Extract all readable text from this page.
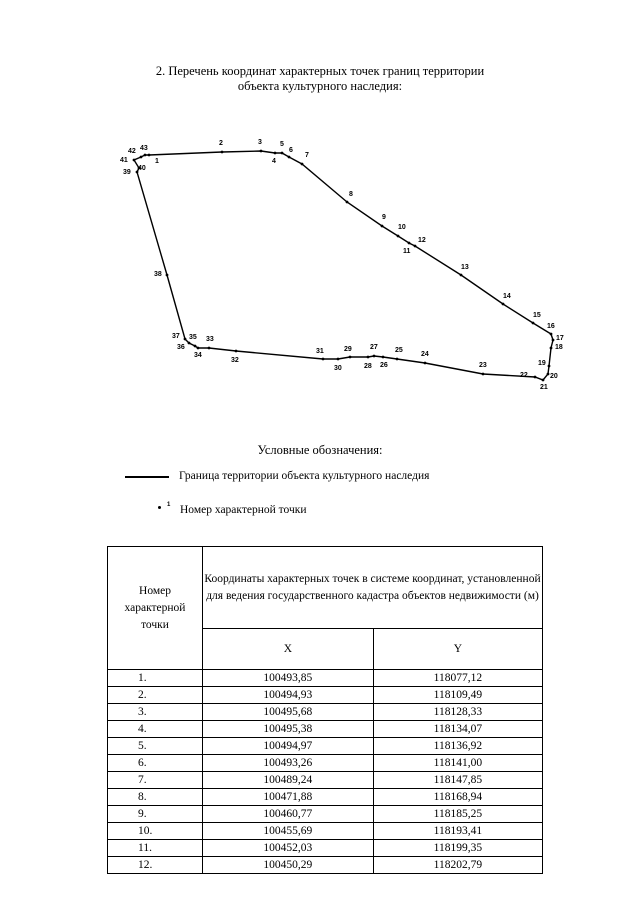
2. Перечень координат характерных точек границ территории
объекта культурного наследия:
1
2	3
4
5
6
7
8
9
10
11
12
13
14
15
16
17
18
19
20
21
22
23
24
25
26
27
28
29
30
31
32
33
34
35
36
37
38
39
40
41
42 43
Условные обозначения:
Граница территории объекта культурного наследия
1 Номер характерной точки
Номер характерной точки	Координаты характерных точек в системе координат, установленной для ведения государственного кадастра объектов недвижимости (м)	
	X	Y
1.	100493,85	118077,12
2.	100494,93	118109,49
3.	100495,68	118128,33
4.	100495,38	118134,07
5.	100494,97	118136,92
6.	100493,26	118141,00
7.	100489,24	118147,85
8.	100471,88	118168,94
9.	100460,77	118185,25
10.	100455,69	118193,41
11.	100452,03	118199,35
12.	100450,29	118202,79
